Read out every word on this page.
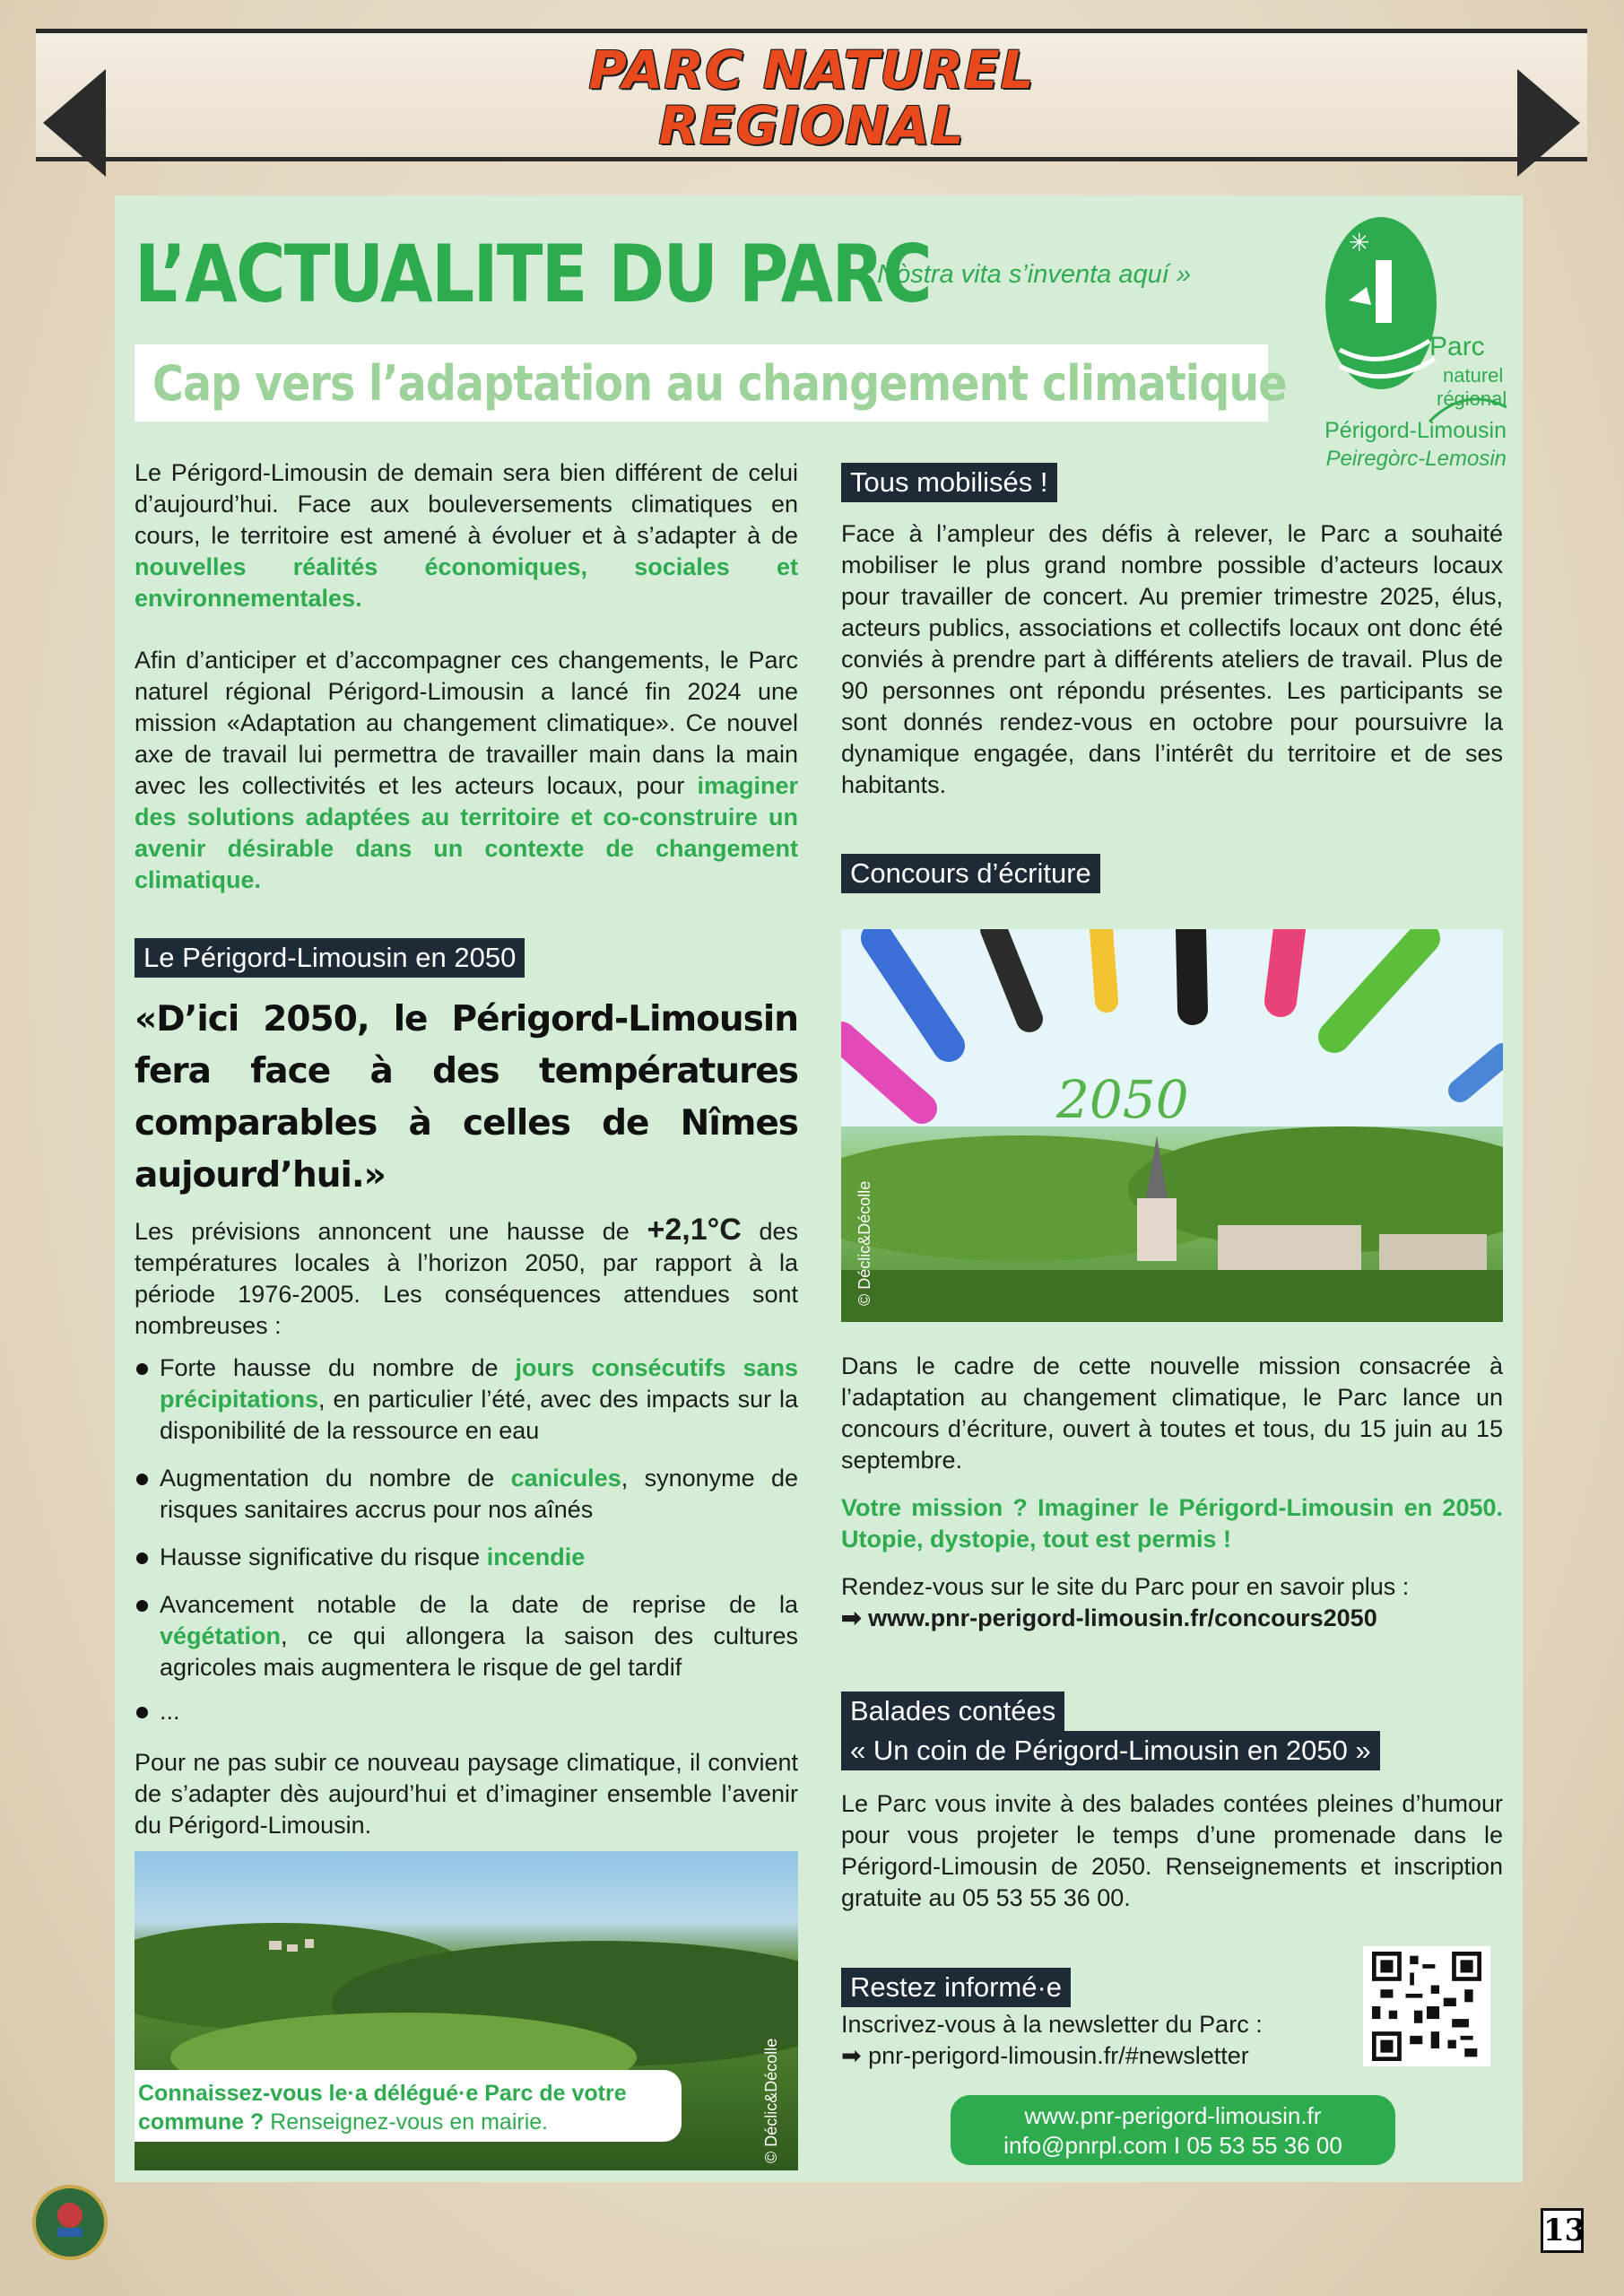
PARC NATUREL
REGIONAL
L’ACTUALITE DU PARC
« Nòstra vita s’inventa aquí »
Cap vers l’adaptation au changement climatique
✳
Parc
naturel
régional
Périgord-Limousin
Peiregòrc-Lemosin

Le Périgord-Limousin de demain sera bien différent de celui d’aujourd’hui. Face aux bouleversements climatiques en cours, le territoire est amené à évoluer et à s’adapter à de nouvelles réalités économiques, sociales et environnementales.

Afin d’anticiper et d’accompagner ces changements, le Parc naturel régional Périgord-Limousin a lancé fin 2024 une mission «Adaptation au changement climatique». Ce nouvel axe de travail lui permettra de travailler main dans la main avec les collectivités et les acteurs locaux, pour imaginer des solutions adaptées au territoire et co-construire un avenir désirable dans un contexte de changement climatique.

Le Périgord-Limousin en 2050
«D’ici 2050, le Périgord-Limousin fera face à des températures comparables à celles de Nîmes aujourd’hui.»

Les prévisions annoncent une hausse de +2,1°C des températures locales à l’horizon 2050, par rapport à la période 1976-2005. Les conséquences attendues sont nombreuses :

Forte hausse du nombre de jours consécutifs sans précipitations, en particulier l’été, avec des impacts sur la disponibilité de la ressource en eau

Augmentation du nombre de canicules, synonyme de risques sanitaires accrus pour nos aînés

Hausse significative du risque incendie

Avancement notable de la date de reprise de la végétation, ce qui allongera la saison des cultures agricoles mais augmentera le risque de gel tardif

...

Pour ne pas subir ce nouveau paysage climatique, il convient de s’adapter dès aujourd’hui et d’imaginer ensemble l’avenir du Périgord-Limousin.

Connaissez-vous le·a délégué·e Parc de votre commune ? Renseignez-vous en mairie.	© Déclic&Décolle
Tous mobilisés !

Face à l’ampleur des défis à relever, le Parc a souhaité mobiliser le plus grand nombre possible d’acteurs locaux pour travailler de concert. Au premier trimestre 2025, élus, acteurs publics, associations et collectifs locaux ont donc été conviés à prendre part à différents ateliers de travail. Plus de 90 personnes ont répondu présentes. Les participants se sont donnés rendez-vous en octobre pour poursuivre la dynamique engagée, dans l’intérêt du territoire et de ses habitants.

Concours d’écriture
2050
© Déclic&Décolle

Dans le cadre de cette nouvelle mission consacrée à l’adaptation au changement climatique, le Parc lance un concours d’écriture, ouvert à toutes et tous, du 15 juin au 15 septembre.

Votre mission ? Imaginer le Périgord-Limousin en 2050. Utopie, dystopie, tout est permis !

Rendez-vous sur le site du Parc pour en savoir plus :

➡ www.pnr-perigord-limousin.fr/concours2050

Balades contées
« Un coin de Périgord-Limousin en 2050 »

Le Parc vous invite à des balades contées pleines d’humour pour vous projeter le temps d’une promenade dans le Périgord-Limousin de 2050. Renseignements et inscription gratuite au 05 53 55 36 00.

Restez informé·e

Inscrivez-vous à la newsletter du Parc :

➡ pnr-perigord-limousin.fr/#newsletter

www.pnr-perigord-limousin.fr
info@pnrpl.com I 05 53 55 36 00
13
